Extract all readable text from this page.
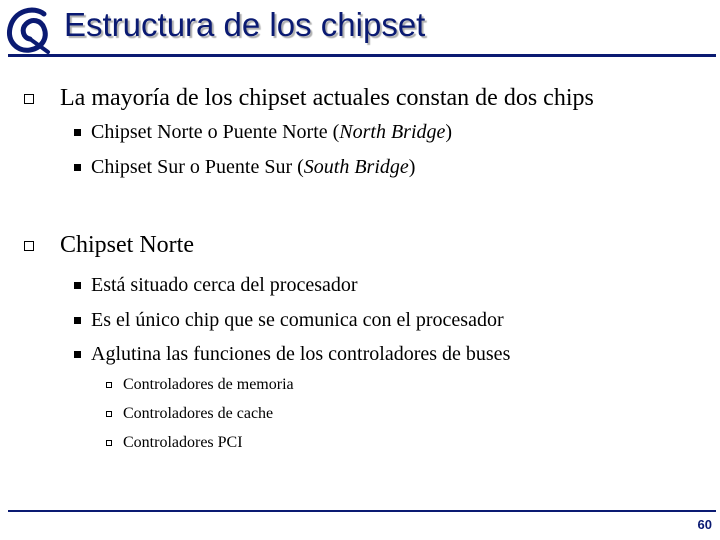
Estructura de los chipset
La mayoría de los chipset actuales constan de dos chips
Chipset Norte o Puente Norte (North Bridge)
Chipset Sur o Puente Sur (South Bridge)
Chipset Norte
Está situado cerca del procesador
Es el único chip que se comunica con el procesador
Aglutina las funciones de los controladores de buses
Controladores de memoria
Controladores de cache
Controladores PCI
60
